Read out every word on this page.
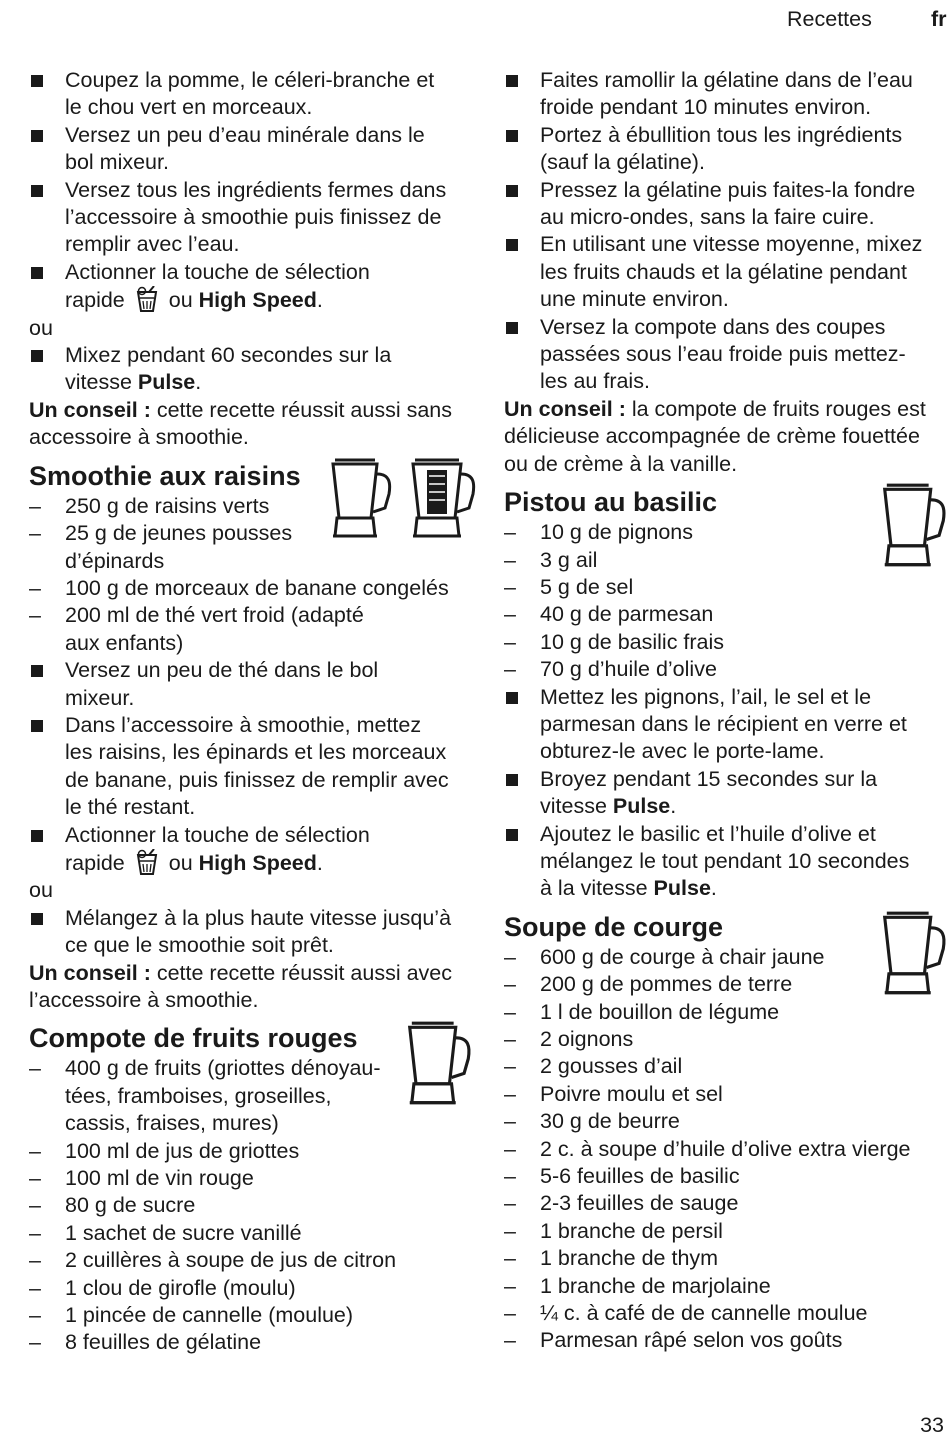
Recettes	fr
Coupez la pomme, le céleri-branche et
le chou vert en morceaux.
Versez un peu d’eau minérale dans le
bol mixeur.
Versez tous les ingrédients fermes dans
l’accessoire à smoothie puis finissez de
remplir avec l’eau.
Actionner la touche de sélection
rapide ou High Speed.
ou
Mixez pendant 60 secondes sur la
vitesse Pulse.
Un conseil : cette recette réussit aussi sans
accessoire à smoothie.
Smoothie aux raisins
– 250 g de raisins verts
– 25 g de jeunes pousses
d’épinards
– 100 g de morceaux de banane congelés
– 200 ml de thé vert froid (adapté
aux enfants)
Versez un peu de thé dans le bol
mixeur.
Dans l’accessoire à smoothie, mettez
les raisins, les épinards et les morceaux
de banane, puis finissez de remplir avec
le thé restant.
Actionner la touche de sélection
rapide ou High Speed.
ou
Mélangez à la plus haute vitesse jusqu’à
ce que le smoothie soit prêt.
Un conseil : cette recette réussit aussi avec
l’accessoire à smoothie.
Compote de fruits rouges
– 400 g de fruits (griottes dénoyau-
tées, framboises, groseilles,
cassis, fraises, mures)
– 100 ml de jus de griottes
– 100 ml de vin rouge
– 80 g de sucre
– 1 sachet de sucre vanillé
– 2 cuillères à soupe de jus de citron
– 1 clou de girofle (moulu)
– 1 pincée de cannelle (moulue)
– 8 feuilles de gélatine
Faites ramollir la gélatine dans de l’eau
froide pendant 10 minutes environ.
Portez à ébullition tous les ingrédients
(sauf la gélatine).
Pressez la gélatine puis faites-la fondre
au micro-ondes, sans la faire cuire.
En utilisant une vitesse moyenne, mixez
les fruits chauds et la gélatine pendant
une minute environ.
Versez la compote dans des coupes
passées sous l’eau froide puis mettez-
les au frais.
Un conseil : la compote de fruits rouges est
délicieuse accompagnée de crème fouettée
ou de crème à la vanille.
Pistou au basilic
– 10 g de pignons
– 3 g ail
– 5 g de sel
– 40 g de parmesan
– 10 g de basilic frais
– 70 g d’huile d’olive
Mettez les pignons, l’ail, le sel et le
parmesan dans le récipient en verre et
obturez-le avec le porte-lame.
Broyez pendant 15 secondes sur la
vitesse Pulse.
Ajoutez le basilic et l’huile d’olive et
mélangez le tout pendant 10 secondes
à la vitesse Pulse.
Soupe de courge
– 600 g de courge à chair jaune
– 200 g de pommes de terre
– 1 l de bouillon de légume
– 2 oignons
– 2 gousses d’ail
– Poivre moulu et sel
– 30 g de beurre
– 2 c. à soupe d’huile d’olive extra vierge
– 5-6 feuilles de basilic
– 2-3 feuilles de sauge
– 1 branche de persil
– 1 branche de thym
– 1 branche de marjolaine
– ¼ c. à café de de cannelle moulue
– Parmesan râpé selon vos goûts
33
